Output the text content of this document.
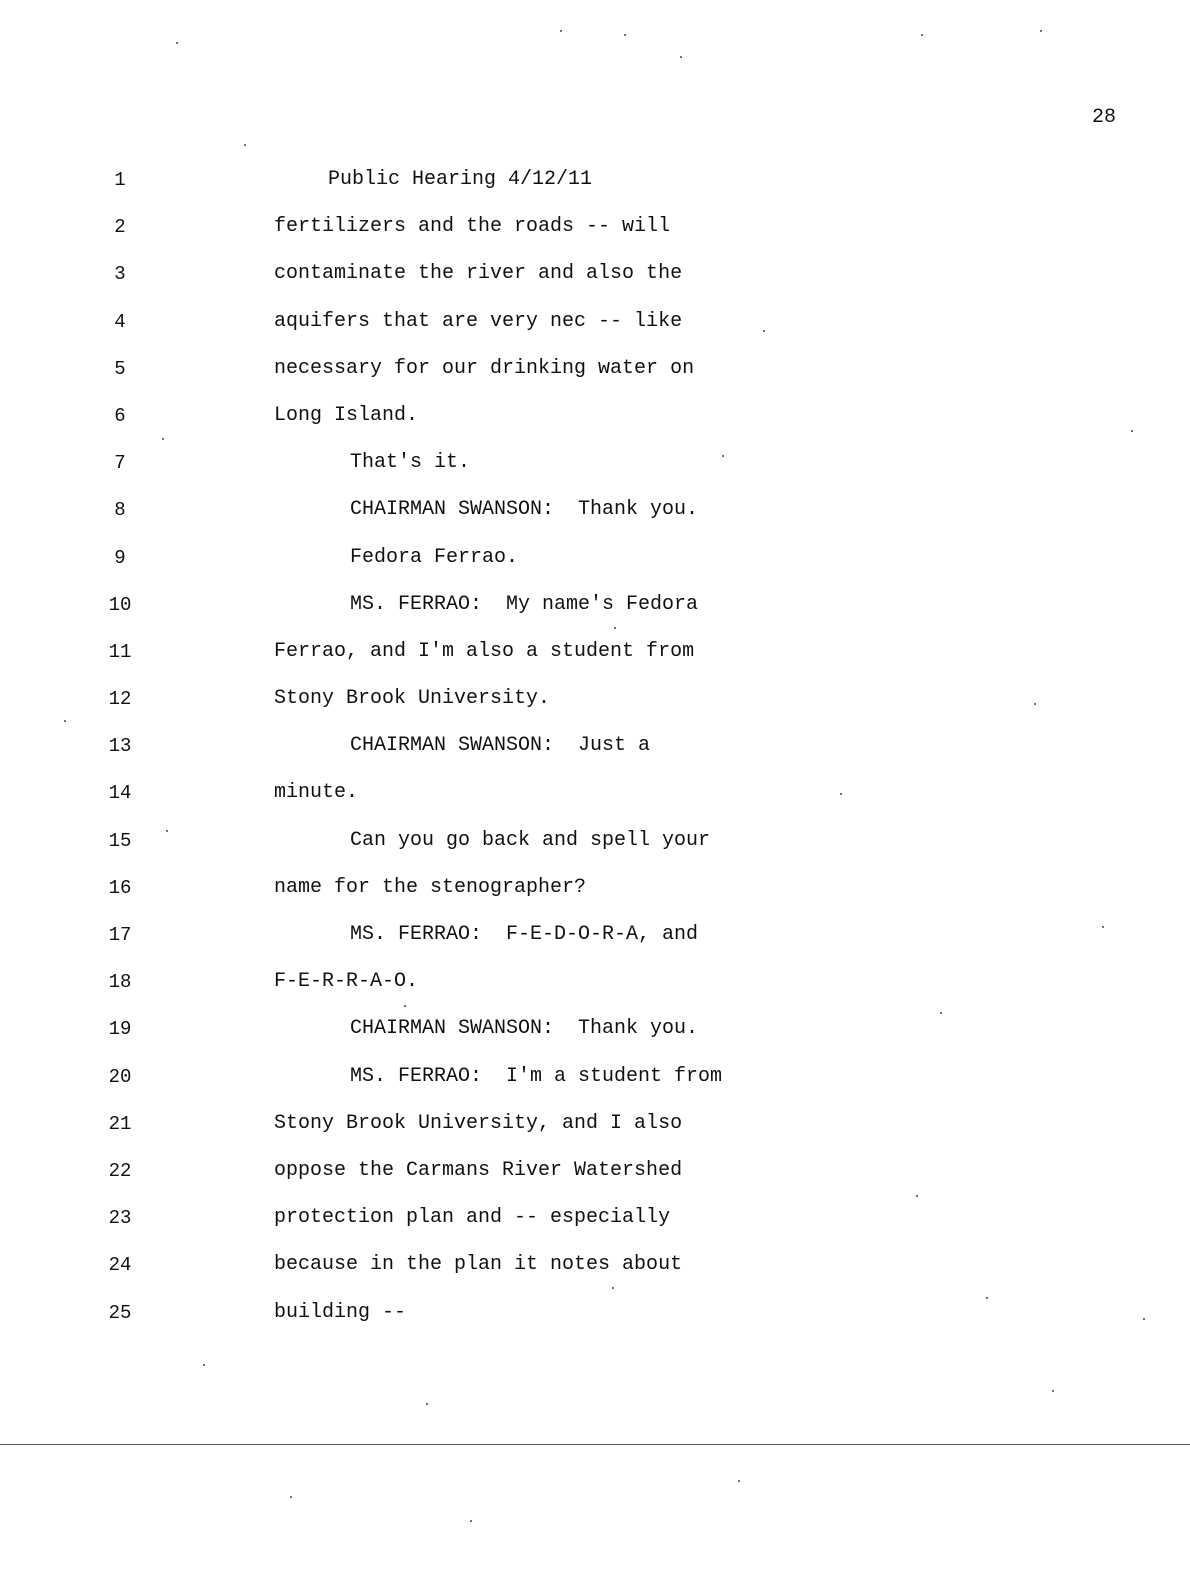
28
1
2
3
4
5
6
7
8
9
10
11
12
13
14
15
16
17
18
19
20
21
22
23
24
25
Public Hearing 4/12/11
fertilizers and the roads -- will
contaminate the river and also the
aquifers that are very nec -- like
necessary for our drinking water on
Long Island.
That's it.
CHAIRMAN SWANSON:  Thank you.
Fedora Ferrao.
MS. FERRAO:  My name's Fedora
Ferrao, and I'm also a student from
Stony Brook University.
CHAIRMAN SWANSON:  Just a
minute.
Can you go back and spell your
name for the stenographer?
MS. FERRAO:  F-E-D-O-R-A, and
F-E-R-R-A-O.
CHAIRMAN SWANSON:  Thank you.
MS. FERRAO:  I'm a student from
Stony Brook University, and I also
oppose the Carmans River Watershed
protection plan and -- especially
because in the plan it notes about
building --
